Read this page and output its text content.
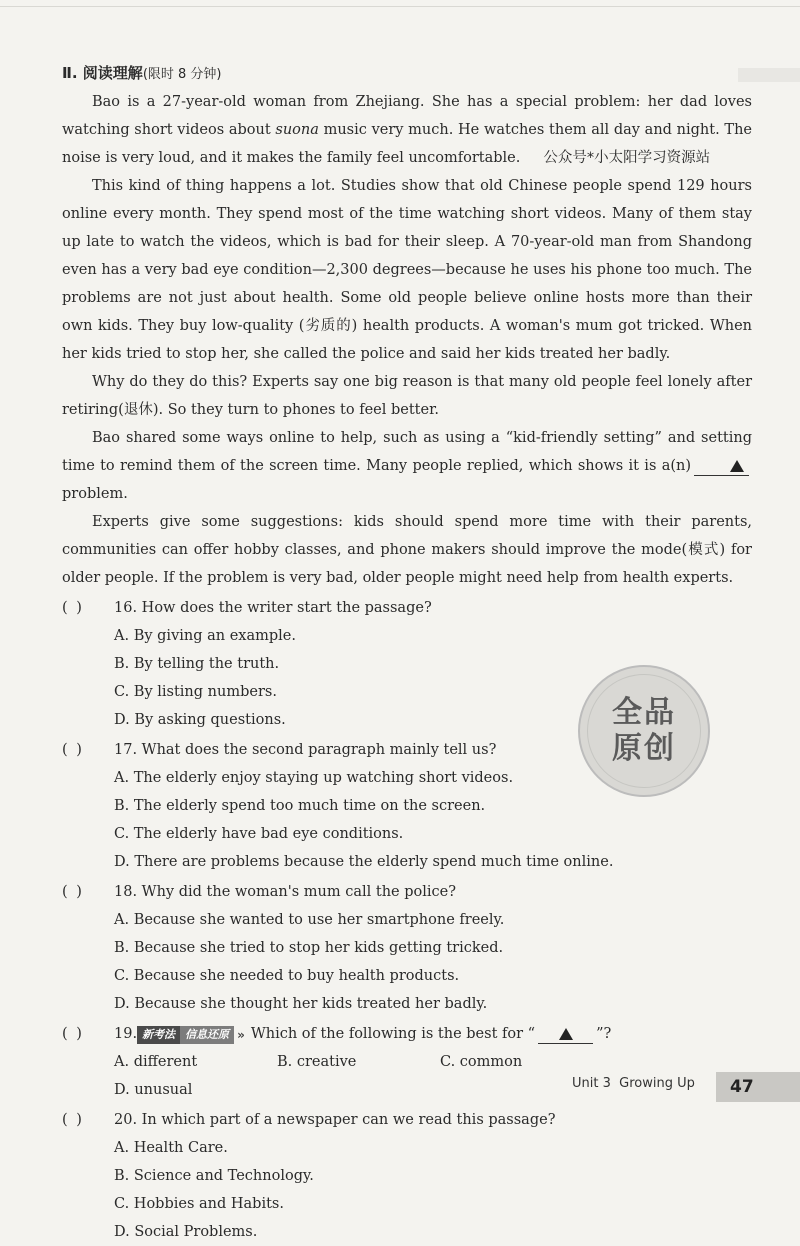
Ⅱ. 阅读理解(限时 8 分钟)

Bao is a 27-year-old woman from Zhejiang. She has a special problem: her dad loves watching short videos about suona music very much. He watches them all day and night. The noise is very loud, and it makes the family feel uncomfortable. 公众号*小太阳学习资源站

This kind of thing happens a lot. Studies show that old Chinese people spend 129 hours online every month. They spend most of the time watching short videos. Many of them stay up late to watch the videos, which is bad for their sleep. A 70-year-old man from Shandong even has a very bad eye condition—2,300 degrees—because he uses his phone too much. The problems are not just about health. Some old people believe online hosts more than their own kids. They buy low-quality (劣质的) health products. A woman's mum got tricked. When her kids tried to stop her, she called the police and said her kids treated her badly.

Why do they do this? Experts say one big reason is that many old people feel lonely after retiring(退休). So they turn to phones to feel better.

Bao shared some ways online to help, such as using a “kid-friendly setting” and setting time to remind them of the screen time. Many people replied, which shows it is a(n)problem.

Experts give some suggestions: kids should spend more time with their parents, communities can offer hobby classes, and phone makers should improve the mode(模式) for older people. If the problem is very bad, older people might need help from health experts.

( )	16. How does the writer start the passage?
A. By giving an example.
B. By telling the truth.
C. By listing numbers.
D. By asking questions.
( )	17. What does the second paragraph mainly tell us?
A. The elderly enjoy staying up watching short videos.
B. The elderly spend too much time on the screen.
C. The elderly have bad eye conditions.
D. There are problems because the elderly spend much time online.
( )	18. Why did the woman's mum call the police?
A. Because she wanted to use her smartphone freely.
B. Because she tried to stop her kids getting tricked.
C. Because she needed to buy health products.
D. Because she thought her kids treated her badly.
( )	19. 新考法 信息还原 » Which of the following is the best for “	”?
A. different	B. creative	C. common
D. unusual
( )	20. In which part of a newspaper can we read this passage?
A. Health Care.
B. Science and Technology.
C. Hobbies and Habits.
D. Social Problems.
全品
原创
Unit 3 Growing Up	47
